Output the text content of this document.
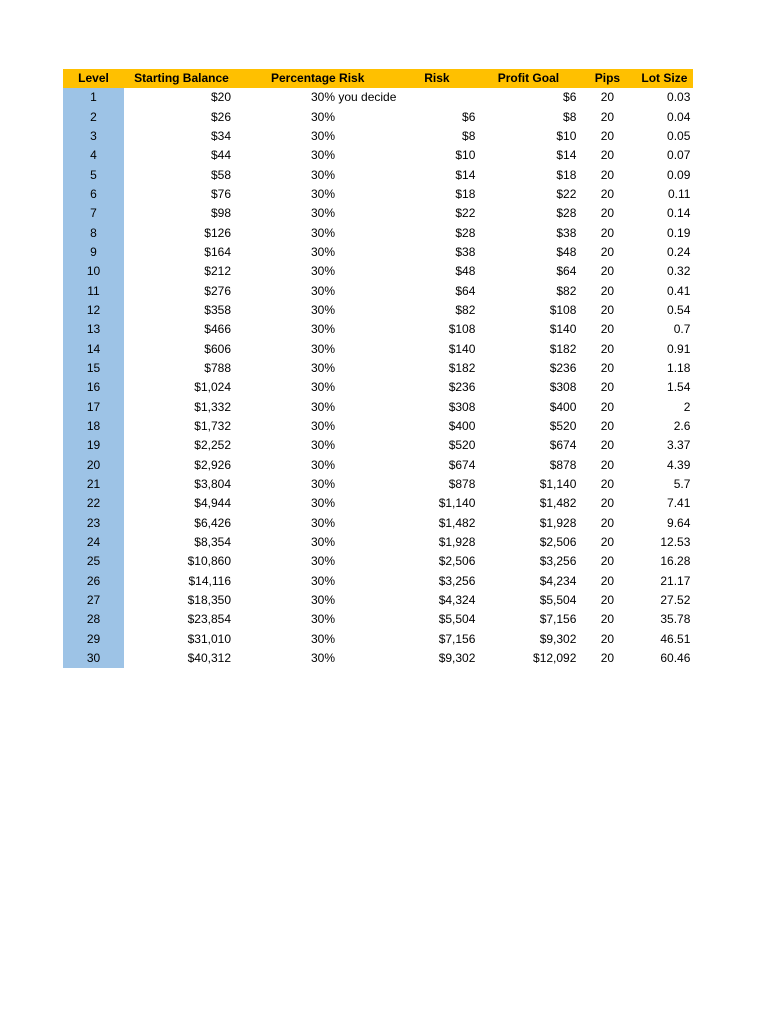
Level	Starting Balance	Percentage Risk	Risk	Profit Goal	Pips	Lot Size
1	$20	30% you decide		$6	20	0.03
2	$26	30%	$6	$8	20	0.04
3	$34	30%	$8	$10	20	0.05
4	$44	30%	$10	$14	20	0.07
5	$58	30%	$14	$18	20	0.09
6	$76	30%	$18	$22	20	0.11
7	$98	30%	$22	$28	20	0.14
8	$126	30%	$28	$38	20	0.19
9	$164	30%	$38	$48	20	0.24
10	$212	30%	$48	$64	20	0.32
11	$276	30%	$64	$82	20	0.41
12	$358	30%	$82	$108	20	0.54
13	$466	30%	$108	$140	20	0.7
14	$606	30%	$140	$182	20	0.91
15	$788	30%	$182	$236	20	1.18
16	$1,024	30%	$236	$308	20	1.54
17	$1,332	30%	$308	$400	20	2
18	$1,732	30%	$400	$520	20	2.6
19	$2,252	30%	$520	$674	20	3.37
20	$2,926	30%	$674	$878	20	4.39
21	$3,804	30%	$878	$1,140	20	5.7
22	$4,944	30%	$1,140	$1,482	20	7.41
23	$6,426	30%	$1,482	$1,928	20	9.64
24	$8,354	30%	$1,928	$2,506	20	12.53
25	$10,860	30%	$2,506	$3,256	20	16.28
26	$14,116	30%	$3,256	$4,234	20	21.17
27	$18,350	30%	$4,324	$5,504	20	27.52
28	$23,854	30%	$5,504	$7,156	20	35.78
29	$31,010	30%	$7,156	$9,302	20	46.51
30	$40,312	30%	$9,302	$12,092	20	60.46
